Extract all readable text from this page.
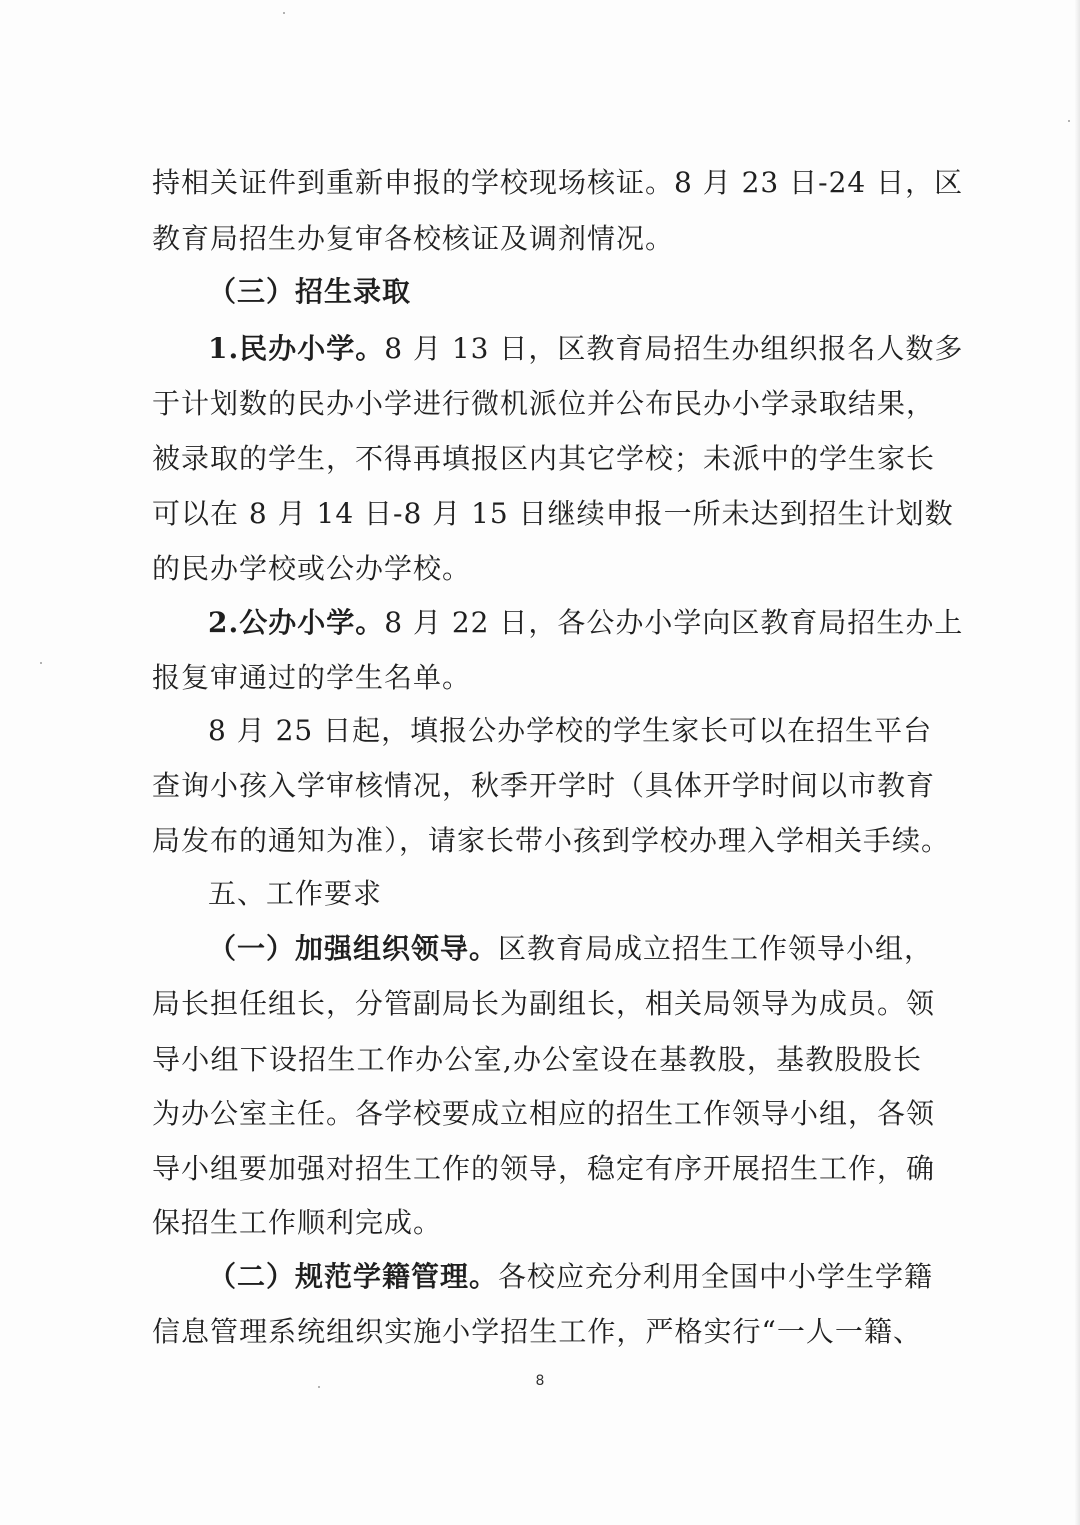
持相关证件到重新申报的学校现场核证。8 月 23 日-24 日，区
教育局招生办复审各校核证及调剂情况。
（三）招生录取
1.民办小学。8 月 13 日，区教育局招生办组织报名人数多
于计划数的民办小学进行微机派位并公布民办小学录取结果，
被录取的学生，不得再填报区内其它学校；未派中的学生家长
可以在 8 月 14 日-8 月 15 日继续申报一所未达到招生计划数
的民办学校或公办学校。
2.公办小学。8 月 22 日，各公办小学向区教育局招生办上
报复审通过的学生名单。
8 月 25 日起，填报公办学校的学生家长可以在招生平台
查询小孩入学审核情况，秋季开学时（具体开学时间以市教育
局发布的通知为准），请家长带小孩到学校办理入学相关手续。
五、工作要求
（一）加强组织领导。区教育局成立招生工作领导小组，
局长担任组长，分管副局长为副组长，相关局领导为成员。领
导小组下设招生工作办公室,办公室设在基教股，基教股股长
为办公室主任。各学校要成立相应的招生工作领导小组，各领
导小组要加强对招生工作的领导，稳定有序开展招生工作，确
保招生工作顺利完成。
（二）规范学籍管理。各校应充分利用全国中小学生学籍
信息管理系统组织实施小学招生工作，严格实行“一人一籍、
8
